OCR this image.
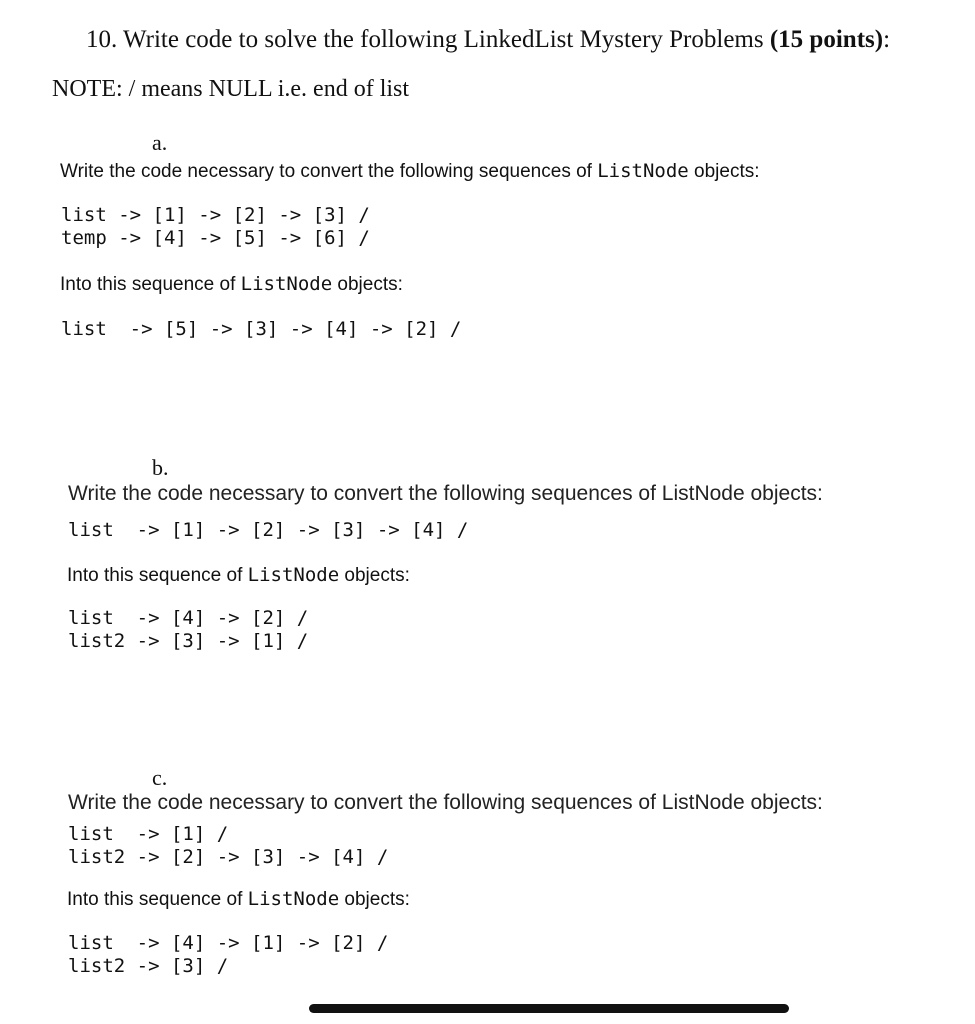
10. Write code to solve the following LinkedList Mystery Problems (15 points):
NOTE: / means NULL i.e. end of list
a.
Write the code necessary to convert the following sequences of ListNode objects:
list -> [1] -> [2] -> [3] /
temp -> [4] -> [5] -> [6] /
Into this sequence of ListNode objects:
list  -> [5] -> [3] -> [4] -> [2] /
b.
Write the code necessary to convert the following sequences of ListNode objects:
list  -> [1] -> [2] -> [3] -> [4] /
Into this sequence of ListNode objects:
list  -> [4] -> [2] /
list2 -> [3] -> [1] /
c.
Write the code necessary to convert the following sequences of ListNode objects:
list  -> [1] /
list2 -> [2] -> [3] -> [4] /
Into this sequence of ListNode objects:
list  -> [4] -> [1] -> [2] /
list2 -> [3] /
